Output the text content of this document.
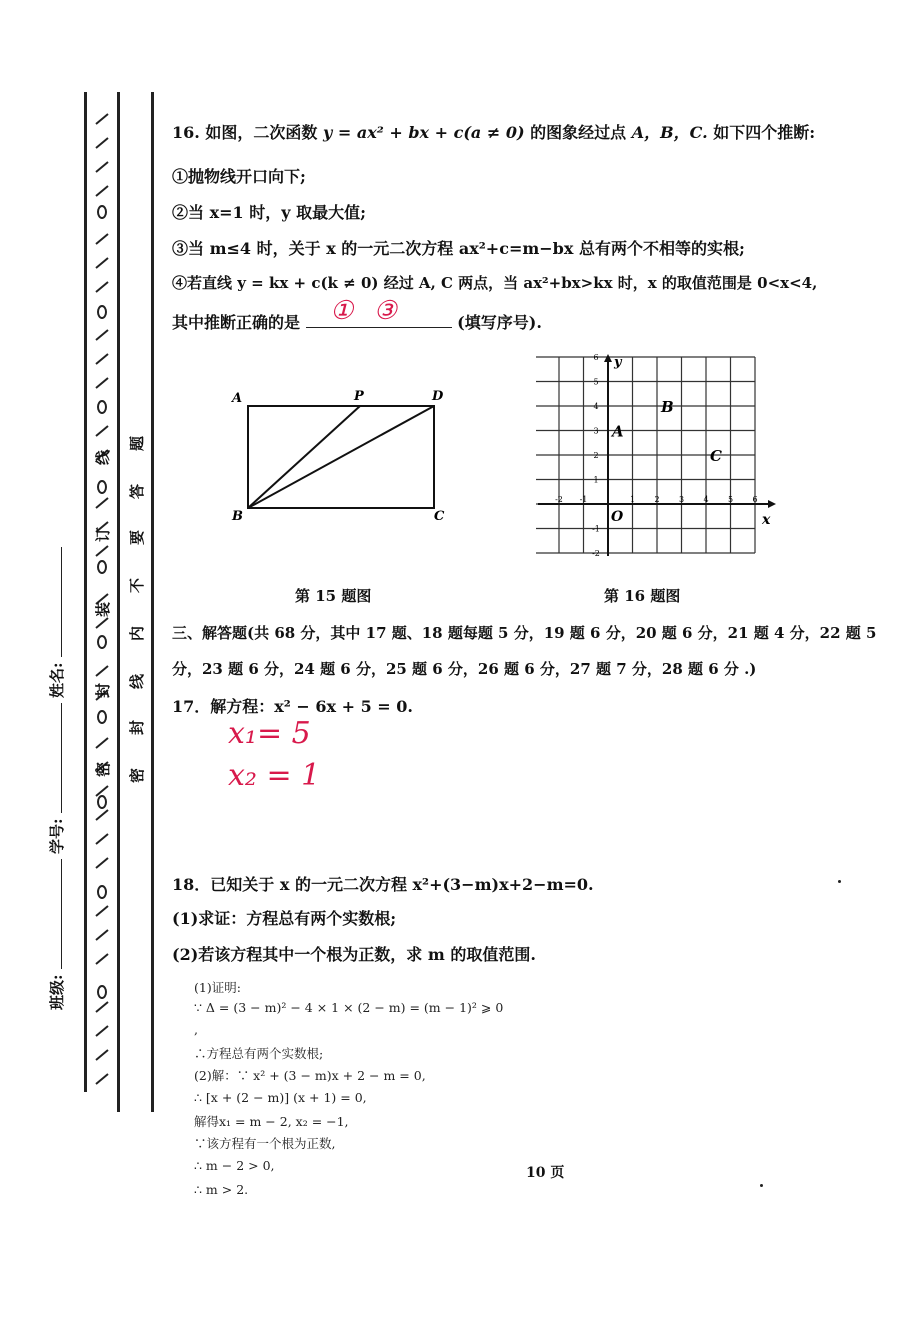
线
订
装
封
密
题
答
要
不
内
线
封
密
班级:  学号:  姓名:
16. 如图，二次函数 y = ax² + bx + c(a ≠ 0) 的图象经过点 A，B，C. 如下四个推断:
①抛物线开口向下;
②当 x=1 时，y 取最大值;
③当 m≤4 时，关于 x 的一元二次方程 ax²+c=m−bx 总有两个不相等的实根;
④若直线 y = kx + c(k ≠ 0) 经过 A, C 两点，当 ax²+bx>kx 时，x 的取值范围是 0<x<4,
其中推断正确的是	(填写序号).
① ③
A	P	D
B	C
第 15 题图
x
y
O
6
5
4
3
2
1
-1
-2
-2 -1	1 2 3 4 5 6
A
B
C
第 16 题图
三、解答题(共 68 分，其中 17 题、18 题每题 5 分，19 题 6 分，20 题 6 分，21 题 4 分，22 题 5
分，23 题 6 分，24 题 6 分，25 题 6 分，26 题 6 分，27 题 7 分，28 题 6 分 .)
17．解方程：x² − 6x + 5 = 0.
x₁= 5
x₂ = 1
18．已知关于 x 的一元二次方程 x²+(3−m)x+2−m=0.
(1)求证：方程总有两个实数根;
(2)若该方程其中一个根为正数，求 m 的取值范围.
(1)证明:
∵ Δ = (3 − m)² − 4 × 1 × (2 − m) = (m − 1)² ⩾ 0
,
∴方程总有两个实数根;
(2)解：∵ x² + (3 − m)x + 2 − m = 0,
∴ [x + (2 − m)] (x + 1) = 0,
解得x₁ = m − 2, x₂ = −1,
∵该方程有一个根为正数,
∴ m − 2 > 0,
∴ m > 2.
10 页
